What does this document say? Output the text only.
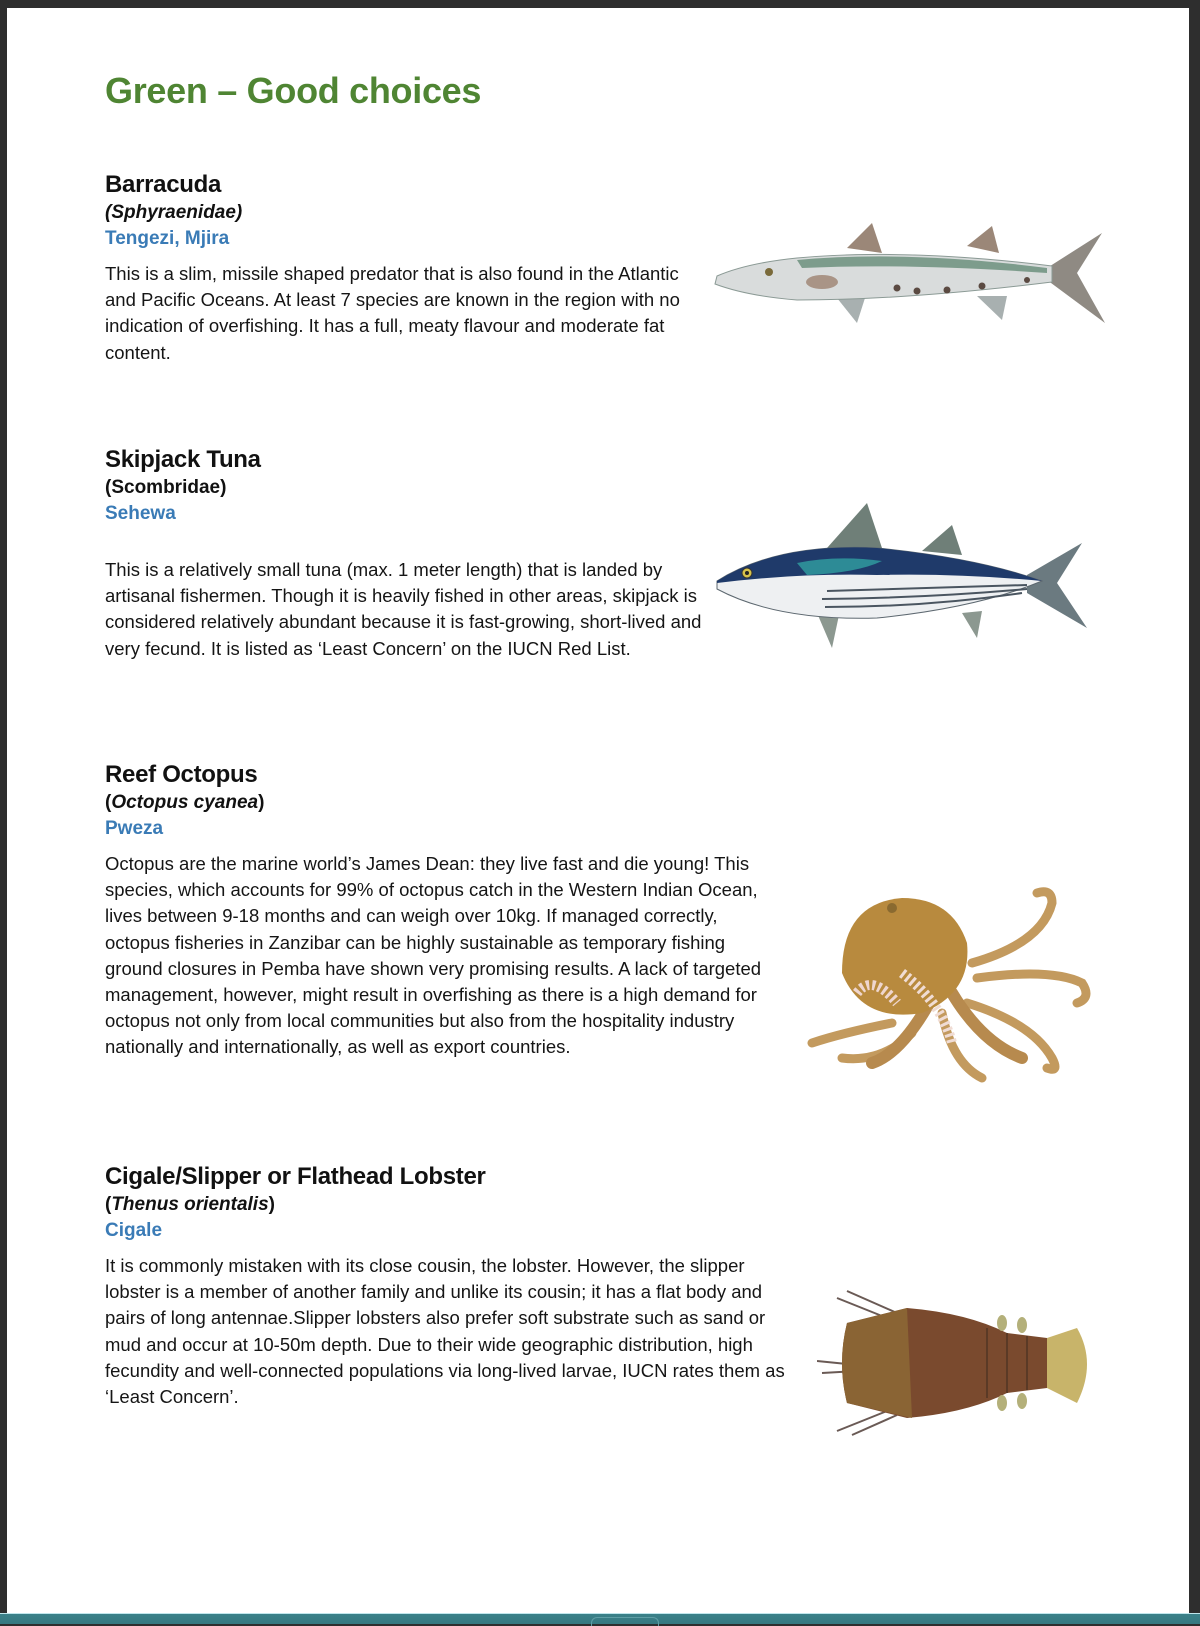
Green – Good choices
Barracuda
(Sphyraenidae)
Tengezi, Mjira

This is a slim, missile shaped predator that is also found in the Atlantic and Pacific Oceans. At least 7 species are known in the region with no indication of overfishing. It has a full, meaty flavour and moderate fat content.

Skipjack Tuna
(Scombridae)
Sehewa

This is a relatively small tuna (max. 1 meter length) that is landed by artisanal fishermen. Though it is heavily fished in other areas, skipjack is considered relatively abundant because it is fast-growing, short-lived and very fecund. It is listed as ‘Least Concern’ on the IUCN Red List.

Reef Octopus
(Octopus cyanea)
Pweza

Octopus are the marine world’s James Dean: they live fast and die young! This species, which accounts for 99% of octopus catch in the Western Indian Ocean, lives between 9-18 months and can weigh over 10kg. If managed correctly, octopus fisheries in Zanzibar can be highly sustainable as temporary fishing ground closures in Pemba have shown very promising results. A lack of targeted management, however, might result in overfishing as there is a high demand for octopus not only from local communities but also from the hospitality industry nationally and internationally, as well as export countries.

Cigale/Slipper or Flathead Lobster
(Thenus orientalis)
Cigale

It is commonly mistaken with its close cousin, the lobster. However, the slipper lobster is a member of another family and unlike its cousin; it has a flat body and pairs of long antennae.Slipper lobsters also prefer soft substrate such as sand or mud and occur at 10-50m depth. Due to their wide geographic distribution, high fecundity and well-connected populations via long-lived larvae, IUCN rates them as ‘Least Concern’.
